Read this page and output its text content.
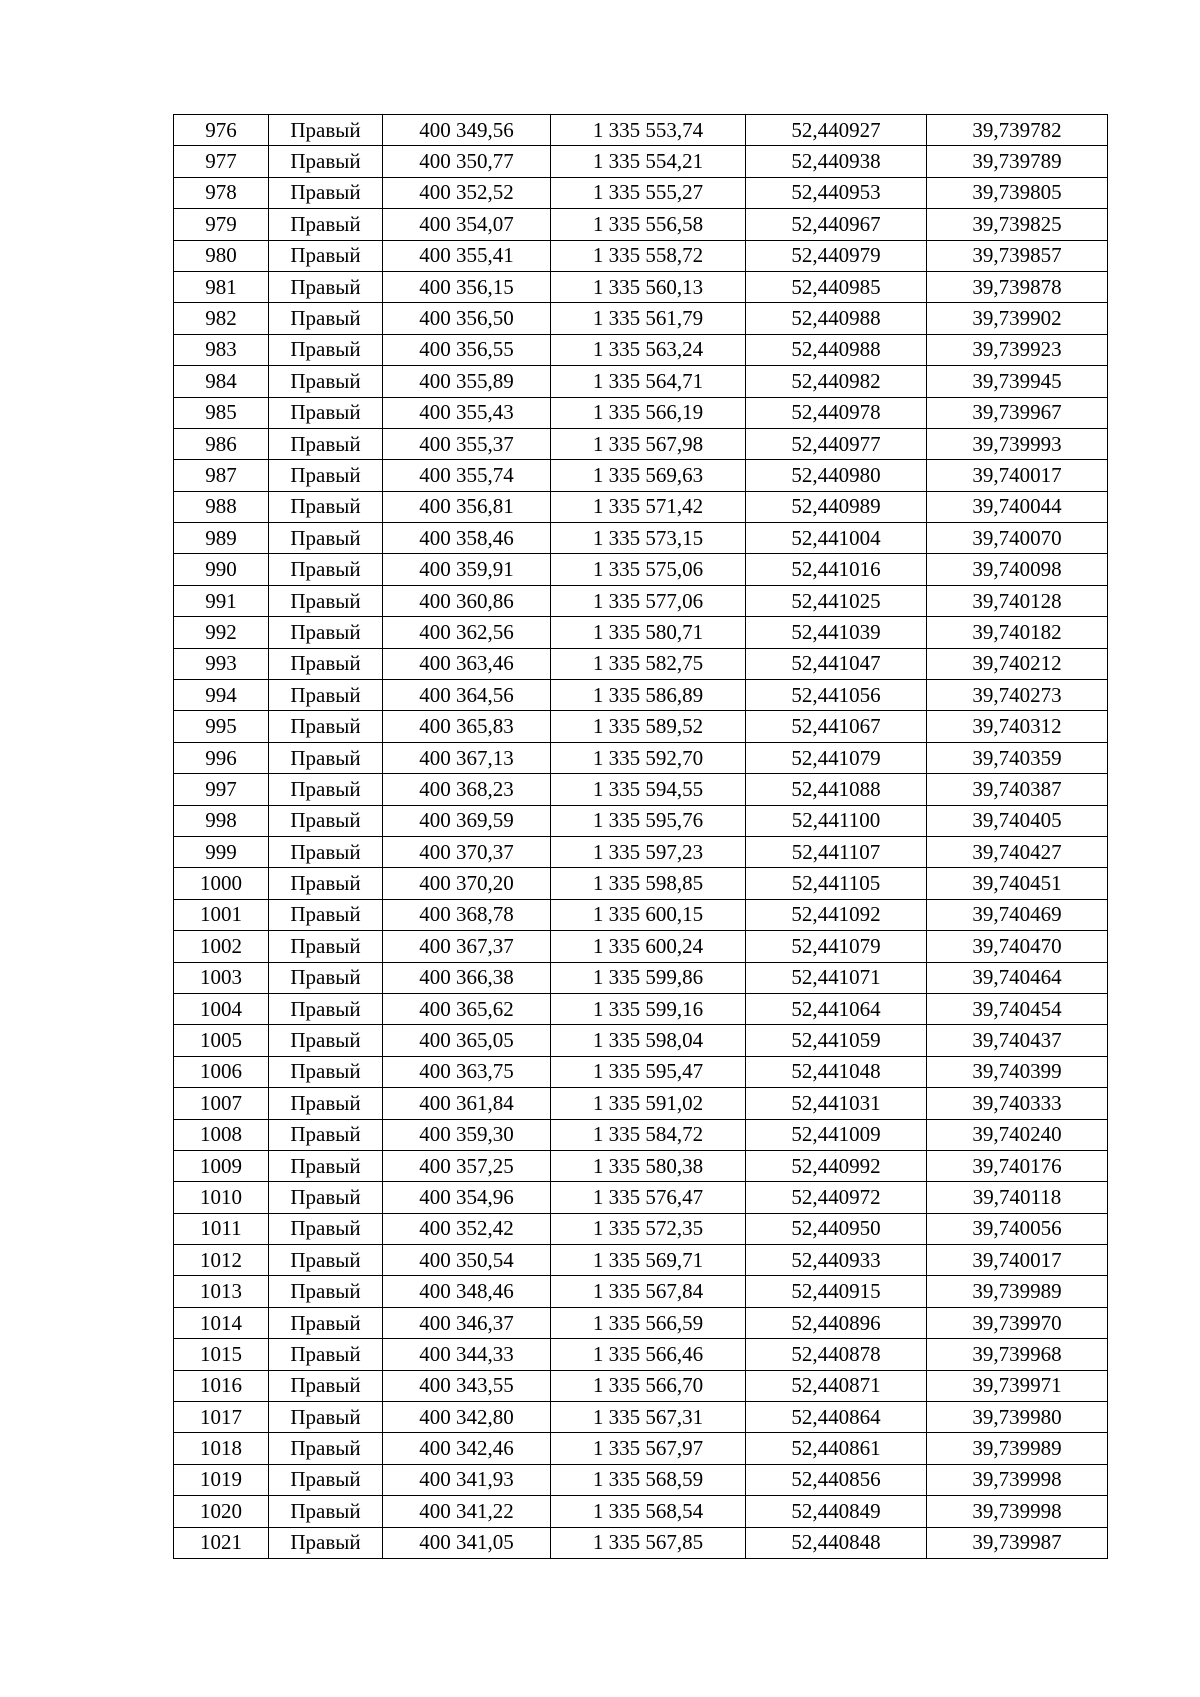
976	Правый	400 349,56	1 335 553,74	52,440927	39,739782
977	Правый	400 350,77	1 335 554,21	52,440938	39,739789
978	Правый	400 352,52	1 335 555,27	52,440953	39,739805
979	Правый	400 354,07	1 335 556,58	52,440967	39,739825
980	Правый	400 355,41	1 335 558,72	52,440979	39,739857
981	Правый	400 356,15	1 335 560,13	52,440985	39,739878
982	Правый	400 356,50	1 335 561,79	52,440988	39,739902
983	Правый	400 356,55	1 335 563,24	52,440988	39,739923
984	Правый	400 355,89	1 335 564,71	52,440982	39,739945
985	Правый	400 355,43	1 335 566,19	52,440978	39,739967
986	Правый	400 355,37	1 335 567,98	52,440977	39,739993
987	Правый	400 355,74	1 335 569,63	52,440980	39,740017
988	Правый	400 356,81	1 335 571,42	52,440989	39,740044
989	Правый	400 358,46	1 335 573,15	52,441004	39,740070
990	Правый	400 359,91	1 335 575,06	52,441016	39,740098
991	Правый	400 360,86	1 335 577,06	52,441025	39,740128
992	Правый	400 362,56	1 335 580,71	52,441039	39,740182
993	Правый	400 363,46	1 335 582,75	52,441047	39,740212
994	Правый	400 364,56	1 335 586,89	52,441056	39,740273
995	Правый	400 365,83	1 335 589,52	52,441067	39,740312
996	Правый	400 367,13	1 335 592,70	52,441079	39,740359
997	Правый	400 368,23	1 335 594,55	52,441088	39,740387
998	Правый	400 369,59	1 335 595,76	52,441100	39,740405
999	Правый	400 370,37	1 335 597,23	52,441107	39,740427
1000	Правый	400 370,20	1 335 598,85	52,441105	39,740451
1001	Правый	400 368,78	1 335 600,15	52,441092	39,740469
1002	Правый	400 367,37	1 335 600,24	52,441079	39,740470
1003	Правый	400 366,38	1 335 599,86	52,441071	39,740464
1004	Правый	400 365,62	1 335 599,16	52,441064	39,740454
1005	Правый	400 365,05	1 335 598,04	52,441059	39,740437
1006	Правый	400 363,75	1 335 595,47	52,441048	39,740399
1007	Правый	400 361,84	1 335 591,02	52,441031	39,740333
1008	Правый	400 359,30	1 335 584,72	52,441009	39,740240
1009	Правый	400 357,25	1 335 580,38	52,440992	39,740176
1010	Правый	400 354,96	1 335 576,47	52,440972	39,740118
1011	Правый	400 352,42	1 335 572,35	52,440950	39,740056
1012	Правый	400 350,54	1 335 569,71	52,440933	39,740017
1013	Правый	400 348,46	1 335 567,84	52,440915	39,739989
1014	Правый	400 346,37	1 335 566,59	52,440896	39,739970
1015	Правый	400 344,33	1 335 566,46	52,440878	39,739968
1016	Правый	400 343,55	1 335 566,70	52,440871	39,739971
1017	Правый	400 342,80	1 335 567,31	52,440864	39,739980
1018	Правый	400 342,46	1 335 567,97	52,440861	39,739989
1019	Правый	400 341,93	1 335 568,59	52,440856	39,739998
1020	Правый	400 341,22	1 335 568,54	52,440849	39,739998
1021	Правый	400 341,05	1 335 567,85	52,440848	39,739987
